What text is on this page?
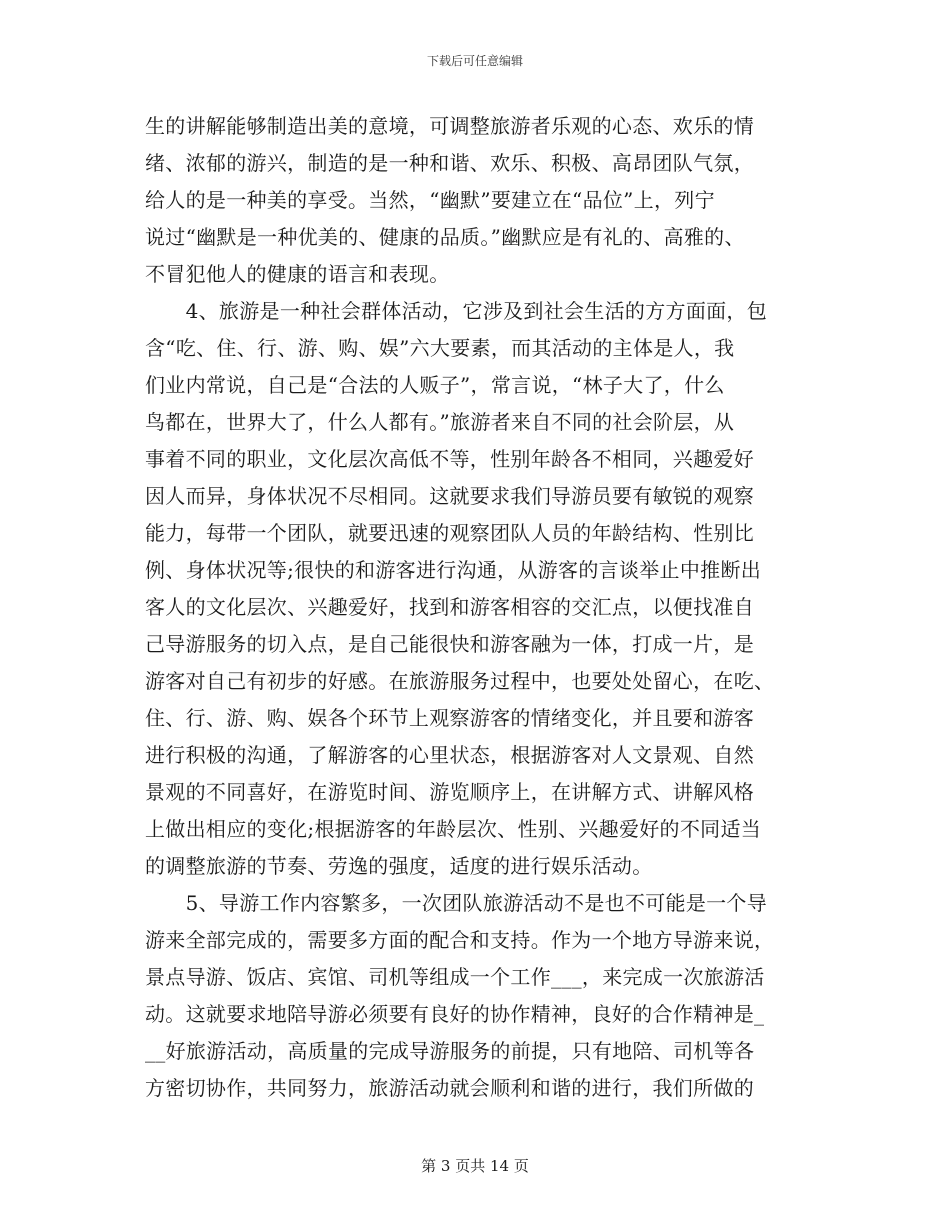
下载后可任意编辑
生的讲解能够制造出美的意境，可调整旅游者乐观的心态、欢乐的情
绪、浓郁的游兴，制造的是一种和谐、欢乐、积极、高昂团队气氛，
给人的是一种美的享受。当然，“幽默”要建立在“品位”上，列宁
说过“幽默是一种优美的、健康的品质。”幽默应是有礼的、高雅的、
不冒犯他人的健康的语言和表现。
　　4、旅游是一种社会群体活动，它涉及到社会生活的方方面面，包
含“吃、住、行、游、购、娱”六大要素，而其活动的主体是人，我
们业内常说，自己是“合法的人贩子”，常言说，“林子大了，什么
鸟都在，世界大了，什么人都有。”旅游者来自不同的社会阶层，从
事着不同的职业，文化层次高低不等，性别年龄各不相同，兴趣爱好
因人而异，身体状况不尽相同。这就要求我们导游员要有敏锐的观察
能力，每带一个团队，就要迅速的观察团队人员的年龄结构、性别比
例、身体状况等;很快的和游客进行沟通，从游客的言谈举止中推断出
客人的文化层次、兴趣爱好，找到和游客相容的交汇点，以便找准自
己导游服务的切入点，是自己能很快和游客融为一体，打成一片，是
游客对自己有初步的好感。在旅游服务过程中，也要处处留心，在吃、
住、行、游、购、娱各个环节上观察游客的情绪变化，并且要和游客
进行积极的沟通，了解游客的心里状态，根据游客对人文景观、自然
景观的不同喜好，在游览时间、游览顺序上，在讲解方式、讲解风格
上做出相应的变化;根据游客的年龄层次、性别、兴趣爱好的不同适当
的调整旅游的节奏、劳逸的强度，适度的进行娱乐活动。
　　5、导游工作内容繁多，一次团队旅游活动不是也不可能是一个导
游来全部完成的，需要多方面的配合和支持。作为一个地方导游来说，
景点导游、饭店、宾馆、司机等组成一个工作___，来完成一次旅游活
动。这就要求地陪导游必须要有良好的协作精神，良好的合作精神是_
__好旅游活动，高质量的完成导游服务的前提，只有地陪、司机等各
方密切协作，共同努力，旅游活动就会顺利和谐的进行，我们所做的
第 3 页共 14 页
